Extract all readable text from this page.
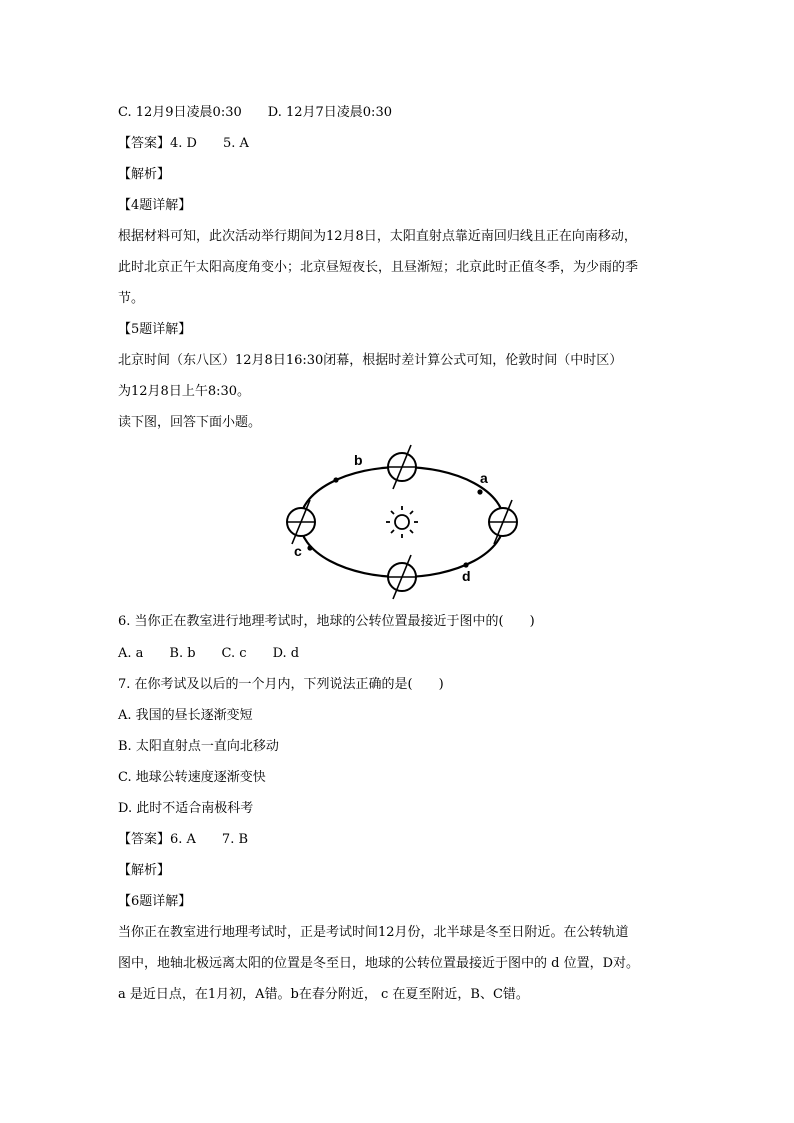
C. 12月9日凌晨0:30　　D. 12月7日凌晨0:30
【答案】4. D　　5. A
【解析】
【4题详解】
根据材料可知，此次活动举行期间为12月8日，太阳直射点靠近南回归线且正在向南移动，
此时北京正午太阳高度角变小；北京昼短夜长，且昼渐短；北京此时正值冬季，为少雨的季
节。
【5题详解】
北京时间（东八区）12月8日16:30闭幕，根据时差计算公式可知，伦敦时间（中时区）
为12月8日上午8:30。
读下图，回答下面小题。
b
a
c
d
6. 当你正在教室进行地理考试时，地球的公转位置最接近于图中的(　　)
A. a　　B. b　　C. c　　D. d
7. 在你考试及以后的一个月内，下列说法正确的是(　　)
A. 我国的昼长逐渐变短
B. 太阳直射点一直向北移动
C. 地球公转速度逐渐变快
D. 此时不适合南极科考
【答案】6. A　　7. B
【解析】
【6题详解】
当你正在教室进行地理考试时，正是考试时间12月份，北半球是冬至日附近。在公转轨道
图中，地轴北极远离太阳的位置是冬至日，地球的公转位置最接近于图中的 d 位置，D对。
a 是近日点，在1月初，A错。b在春分附近， c 在夏至附近，B、C错。
